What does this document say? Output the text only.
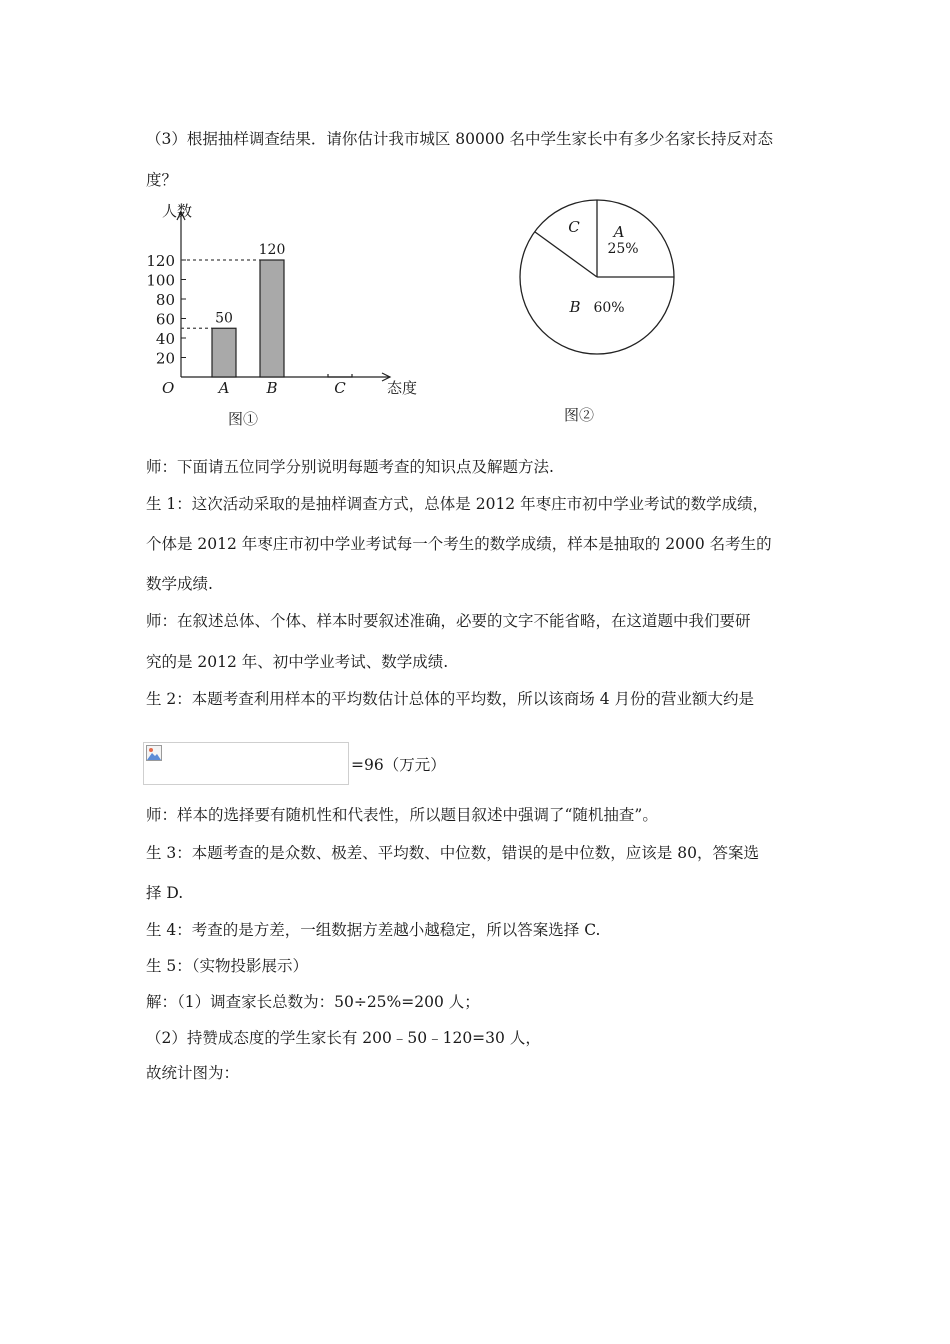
（3）根据抽样调查结果．请你估计我市城区 80000 名中学生家长中有多少名家长持反对态
度？
人数
态度
O
20
40
60
80
100
120
50
A
120
B	C
图①
A
25%
B 60%
C
图②
师：下面请五位同学分别说明每题考查的知识点及解题方法.
生 1：这次活动采取的是抽样调查方式，总体是 2012 年枣庄市初中学业考试的数学成绩，
个体是 2012 年枣庄市初中学业考试每一个考生的数学成绩，样本是抽取的 2000 名考生的
数学成绩.
师：在叙述总体、个体、样本时要叙述准确，必要的文字不能省略，在这道题中我们要研
究的是 2012 年、初中学业考试、数学成绩.
生 2：本题考查利用样本的平均数估计总体的平均数，所以该商场 4 月份的营业额大约是
=96（万元）
师：样本的选择要有随机性和代表性，所以题目叙述中强调了“随机抽查”。
生 3：本题考查的是众数、极差、平均数、中位数，错误的是中位数，应该是 80，答案选
择 D.
生 4：考查的是方差，一组数据方差越小越稳定，所以答案选择 C.
生 5：（实物投影展示）
解：（1）调查家长总数为：50÷25%=200 人；
（2）持赞成态度的学生家长有 200﹣50﹣120=30 人，
故统计图为：
